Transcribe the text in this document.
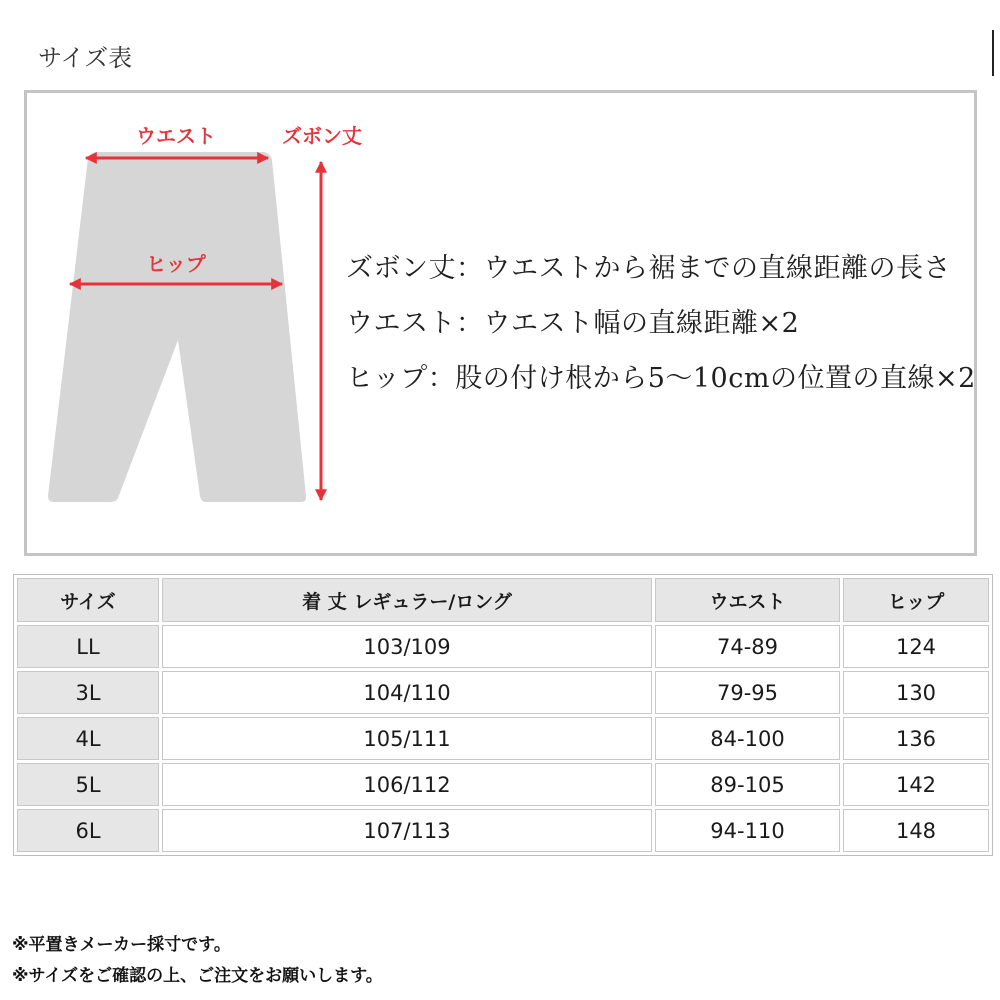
サイズ表
ウエスト	ズボン丈
ヒップ	ズボン丈：ウエストから裾までの直線距離の長さ
ウエスト：ウエスト幅の直線距離×2
ヒップ：股の付け根から5～10cmの位置の直線×2
サイズ	着 丈 レギュラー/ロング	ウエスト	ヒップ
LL	103/109	74-89	124
3L	104/110	79-95	130
4L	105/111	84-100	136
5L	106/112	89-105	142
6L	107/113	94-110	148
※平置きメーカー採寸です。
※サイズをご確認の上、ご注文をお願いします。
